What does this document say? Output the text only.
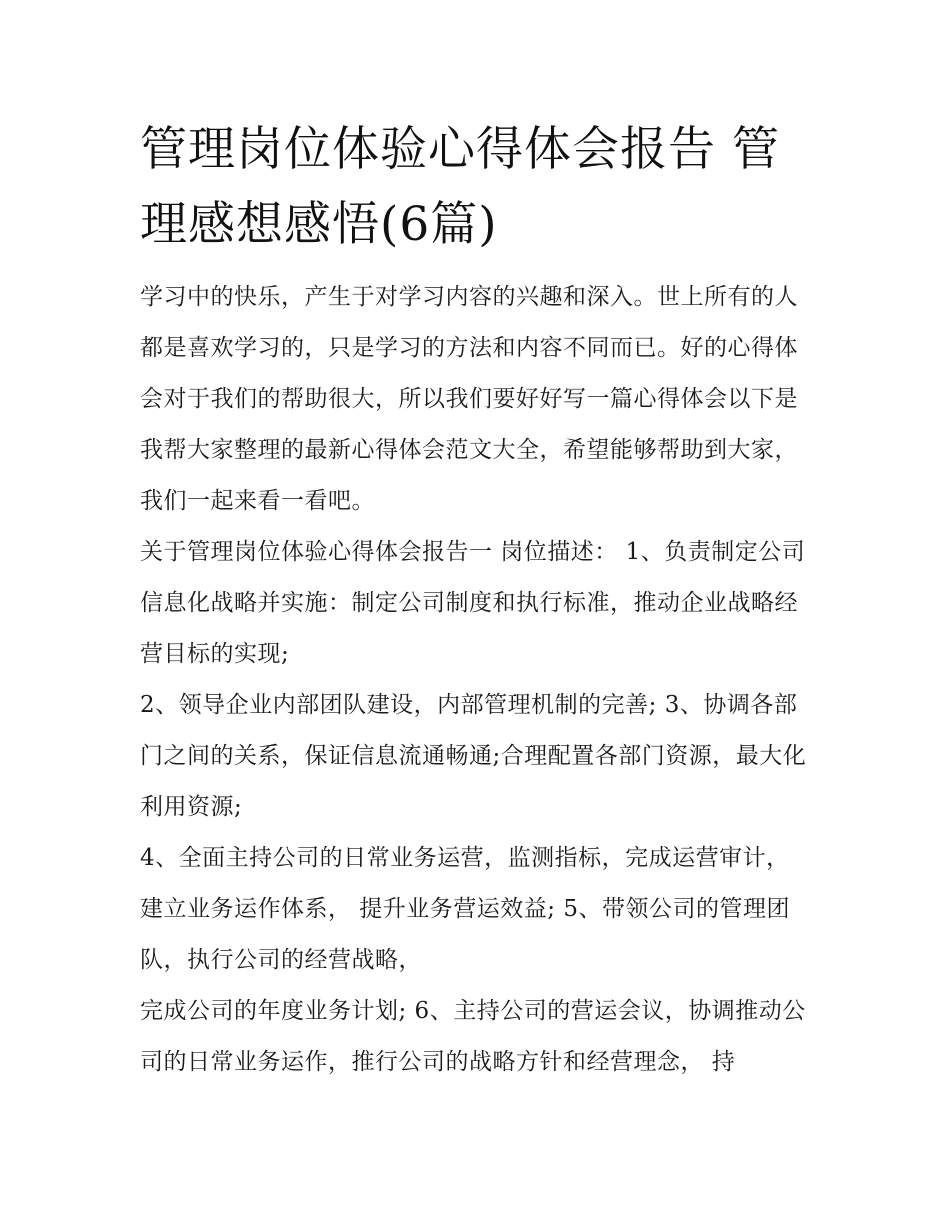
管理岗位体验心得体会报告 管理感想感悟(6篇)

学习中的快乐，产生于对学习内容的兴趣和深入。世上所有的人都是喜欢学习的，只是学习的方法和内容不同而已。好的心得体会对于我们的帮助很大，所以我们要好好写一篇心得体会以下是我帮大家整理的最新心得体会范文大全，希望能够帮助到大家，我们一起来看一看吧。

关于管理岗位体验心得体会报告一 岗位描述： 1、负责制定公司信息化战略并实施：制定公司制度和执行标准，推动企业战略经营目标的实现;

2、领导企业内部团队建设，内部管理机制的完善; 3、协调各部门之间的关系，保证信息流通畅通;合理配置各部门资源，最大化利用资源;

4、全面主持公司的日常业务运营，监测指标，完成运营审计， 建立业务运作体系， 提升业务营运效益; 5、带领公司的管理团队，执行公司的经营战略，

完成公司的年度业务计划; 6、主持公司的营运会议，协调推动公司的日常业务运作，推行公司的战略方针和经营理念， 持
